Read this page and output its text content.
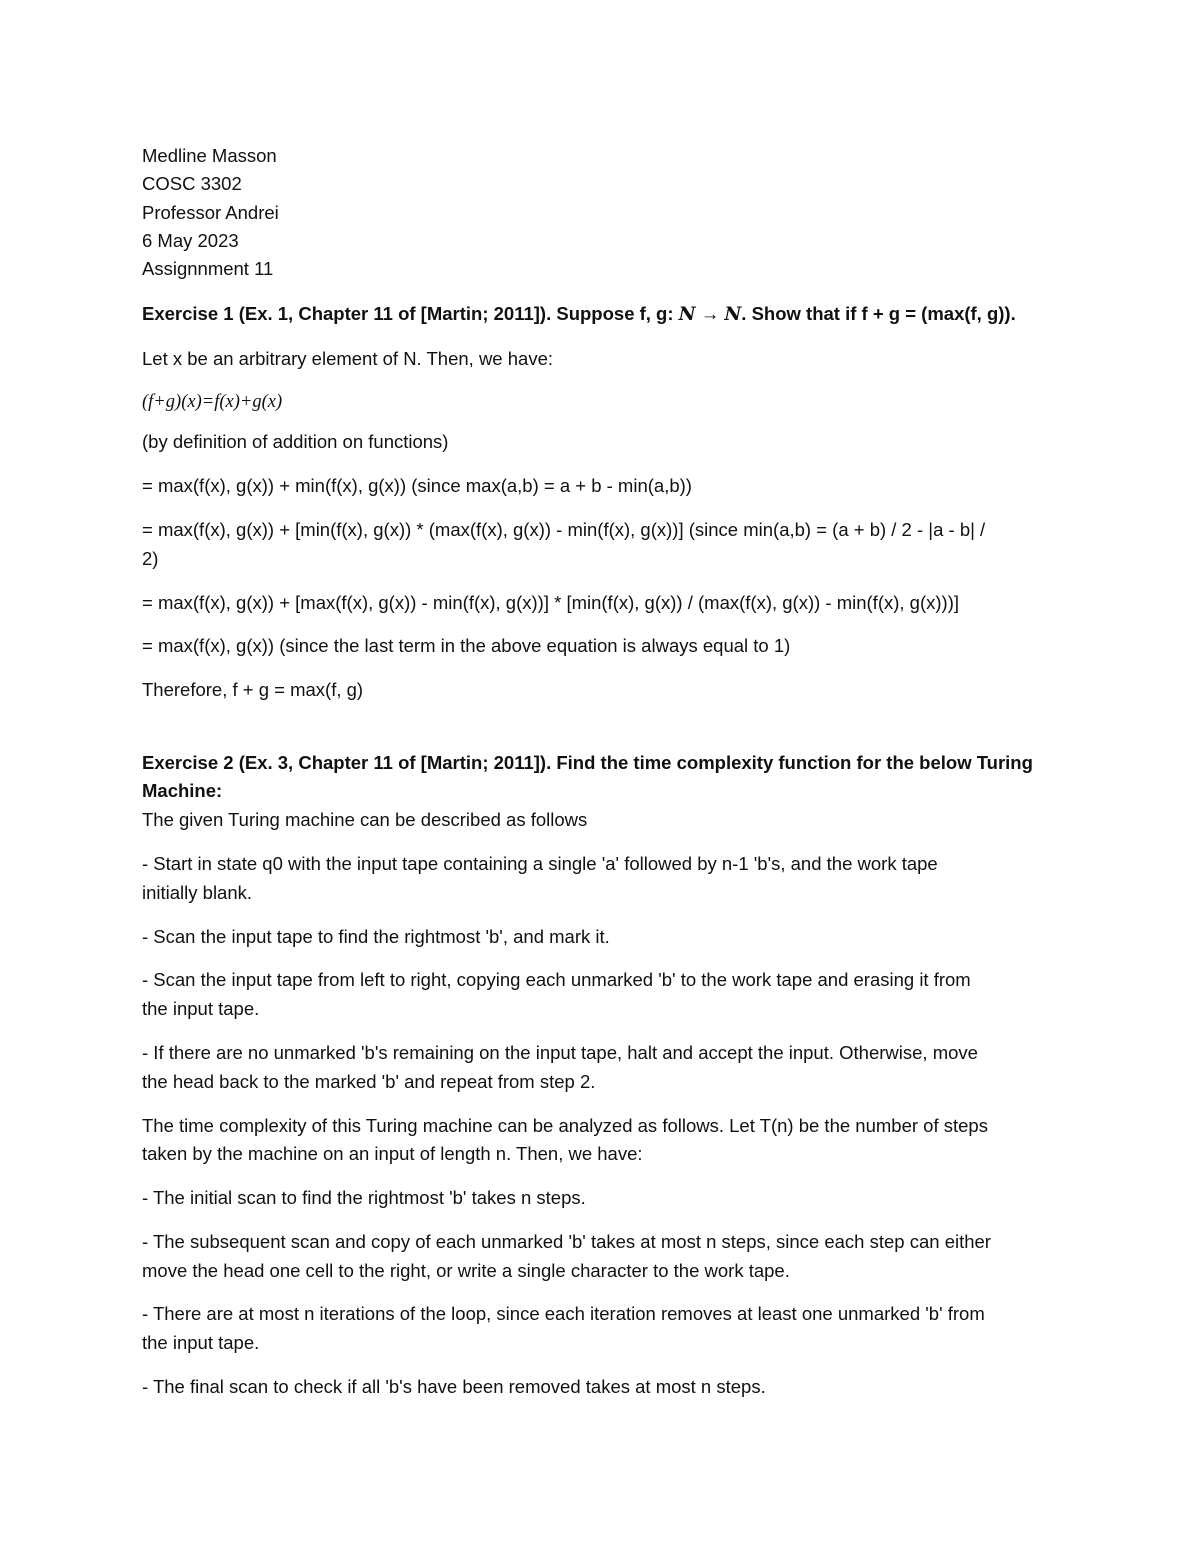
Medline Masson
COSC 3302
Professor Andrei
6 May 2023
Assignnment 11
Exercise 1 (Ex. 1, Chapter 11 of [Martin; 2011]). Suppose f, g: N → N. Show that if f + g = (max(f, g)).
Let x be an arbitrary element of N. Then, we have:
(f+g)(x)=f(x)+g(x)
(by definition of addition on functions)
= max(f(x), g(x)) + min(f(x), g(x)) (since max(a,b) = a + b - min(a,b))
= max(f(x), g(x)) + [min(f(x), g(x)) * (max(f(x), g(x)) - min(f(x), g(x))] (since min(a,b) = (a + b) / 2 - |a - b| /
2)
= max(f(x), g(x)) + [max(f(x), g(x)) - min(f(x), g(x))] * [min(f(x), g(x)) / (max(f(x), g(x)) - min(f(x), g(x)))]
= max(f(x), g(x)) (since the last term in the above equation is always equal to 1)
Therefore, f + g = max(f, g)
Exercise 2 (Ex. 3, Chapter 11 of [Martin; 2011]). Find the time complexity function for the below Turing
Machine:
The given Turing machine can be described as follows
- Start in state q0 with the input tape containing a single 'a' followed by n-1 'b's, and the work tape
initially blank.
- Scan the input tape to find the rightmost 'b', and mark it.
- Scan the input tape from left to right, copying each unmarked 'b' to the work tape and erasing it from
the input tape.
- If there are no unmarked 'b's remaining on the input tape, halt and accept the input. Otherwise, move
the head back to the marked 'b' and repeat from step 2.
The time complexity of this Turing machine can be analyzed as follows. Let T(n) be the number of steps
taken by the machine on an input of length n. Then, we have:
- The initial scan to find the rightmost 'b' takes n steps.
- The subsequent scan and copy of each unmarked 'b' takes at most n steps, since each step can either
move the head one cell to the right, or write a single character to the work tape.
- There are at most n iterations of the loop, since each iteration removes at least one unmarked 'b' from
the input tape.
- The final scan to check if all 'b's have been removed takes at most n steps.
